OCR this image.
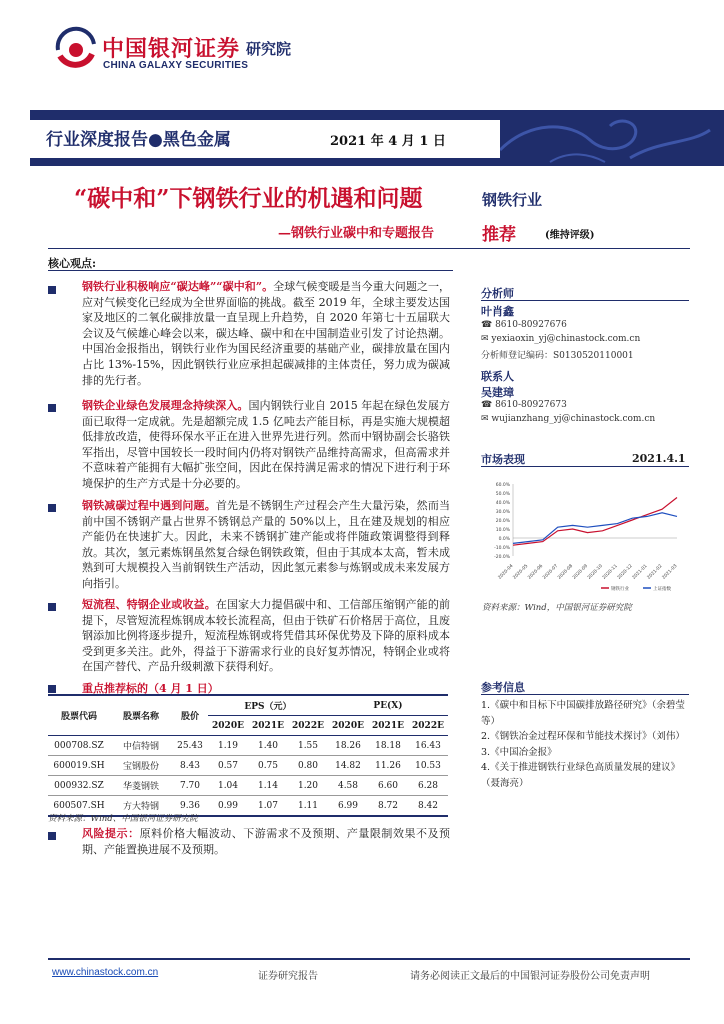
中国银河证券
CHINA GALAXY SECURITIES
研究院
行业深度报告●黑色金属	2021 年 4 月 1 日
“碳中和”下钢铁行业的机遇和问题
—钢铁行业碳中和专题报告
钢铁行业
推荐	(维持评级)
核心观点:
钢铁行业积极响应“碳达峰”“碳中和”。全球气候变暖是当今重大问题之一，应对气候变化已经成为全世界面临的挑战。截至 2019 年，全球主要发达国家及地区的二氧化碳排放量一直呈现上升趋势，自 2020 年第七十五届联大会议及气候雄心峰会以来，碳达峰、碳中和在中国制造业引发了讨论热潮。中国冶金报指出，钢铁行业作为国民经济重要的基础产业，碳排放量在国内占比 13%-15%，因此钢铁行业应承担起碳减排的主体责任，努力成为碳减排的先行者。
钢铁企业绿色发展理念持续深入。国内钢铁行业自 2015 年起在绿色发展方面已取得一定成就。先是超额完成 1.5 亿吨去产能目标，再是实施大规模超低排放改造，使得环保水平正在进入世界先进行列。然而中钢协副会长骆铁军指出，尽管中国较长一段时间内仍将对钢铁产品维持高需求，但高需求并不意味着产能拥有大幅扩张空间，因此在保持满足需求的情况下进行利于环境保护的生产方式是十分必要的。
钢铁减碳过程中遇到问题。首先是不锈钢生产过程会产生大量污染，然而当前中国不锈钢产量占世界不锈钢总产量的 50%以上，且在建及规划的相应产能仍在快速扩大。因此，未来不锈钢扩建产能或将伴随政策调整得到释放。其次，氢元素炼钢虽然复合绿色钢铁政策，但由于其成本太高，暂未成熟到可大规模投入当前钢铁生产活动，因此氢元素参与炼钢或成未来发展方向指引。
短流程、特钢企业或收益。在国家大力提倡碳中和、工信部压缩钢产能的前提下，尽管短流程炼钢成本较长流程高，但由于铁矿石价格居于高位，且废钢添加比例将逐步提升，短流程炼钢或将凭借其环保优势及下降的原料成本受到更多关注。此外，得益于下游需求行业的良好复苏情况，特钢企业或将在国产替代、产品升级刺激下获得利好。
重点推荐标的（4 月 1 日）
股票代码	股票名称	股价	EPS（元）			PE(X)		
			2020E	2021E	2022E	2020E	2021E	2022E
000708.SZ	中信特钢	25.43	1.19	1.40	1.55	18.26	18.18	16.43
600019.SH	宝钢股份	8.43	0.57	0.75	0.80	14.82	11.26	10.53
000932.SZ	华菱钢铁	7.70	1.04	1.14	1.20	4.58	6.60	6.28
600507.SH	方大特钢	9.36	0.99	1.07	1.11	6.99	8.72	8.42
资料来源：Wind、中国银河证券研究院
风险提示：原料价格大幅波动、下游需求不及预期、产量限制效果不及预期、产能置换进展不及预期。
分析师
叶肖鑫
☎ 8610-80927676
✉ yexiaoxin_yj@chinastock.com.cn
分析师登记编码：S0130520110001
联系人
吴建璋
☎ 8610-80927673
✉ wujianzhang_yj@chinastock.com.cn
市场表现	2021.4.1
60.0%
50.0%
40.0%
30.0%
20.0%
10.0%
0.0%
-10.0%
-20.0%
2020-04
2020-05
2020-06
2020-07
2020-08
2020-09
2020-10
2020-11
2020-12
2021-01
2021-02
2021-03
钢铁行业	上证指数
资料来源：Wind，中国银河证券研究院
参考信息
1.《碳中和目标下中国碳排放路径研究》（余碧莹等）
2.《钢铁冶金过程环保和节能技术探讨》（刘伟）
3.《中国冶金报》
4.《关于推进钢铁行业绿色高质量发展的建议》（聂海亮）
www.chinastock.com.cn	证券研究报告	请务必阅读正文最后的中国银河证券股份公司免责声明
